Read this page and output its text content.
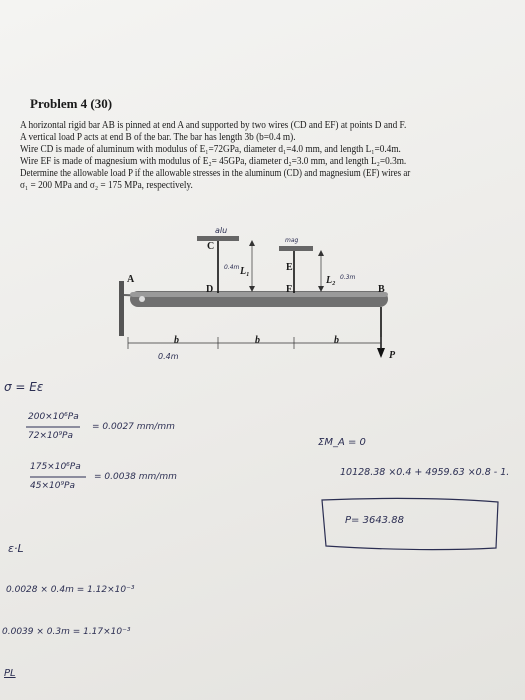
Problem 4 (30)
A horizontal rigid bar AB is pinned at end A and supported by two wires (CD and EF) at points D and F.
A vertical load P acts at end B of the bar. The bar has length 3b (b=0.4 m).
Wire CD is made of aluminum with modulus of E₁=72GPa, diameter d₁=4.0 mm, and length L₁=0.4m.
Wire EF is made of magnesium with modulus of E₂= 45GPa, diameter d₂=3.0 mm, and length L₂=0.3m.
Determine the allowable load P if the allowable stresses in the aluminum (CD) and magnesium (EF) wires ar
σ₁ = 200 MPa and σ₂ = 175 MPa, respectively.
C
D
E
F
A
B
L₁
L₂
b	b	b
P
alu
mag
0.4m
0.3m
0.4m
σ = Eε
200×10⁶Pa
72×10⁹Pa
= 0.0027 mm/mm
175×10⁶Pa
45×10⁹Pa
= 0.0038 mm/mm
ΣM_A = 0
10128.38 ×0.4 + 4959.63 ×0.8 - 1.
P= 3643.88
ε·L
0.0028 × 0.4m = 1.12×10⁻³
0.0039 × 0.3m = 1.17×10⁻³
PL
